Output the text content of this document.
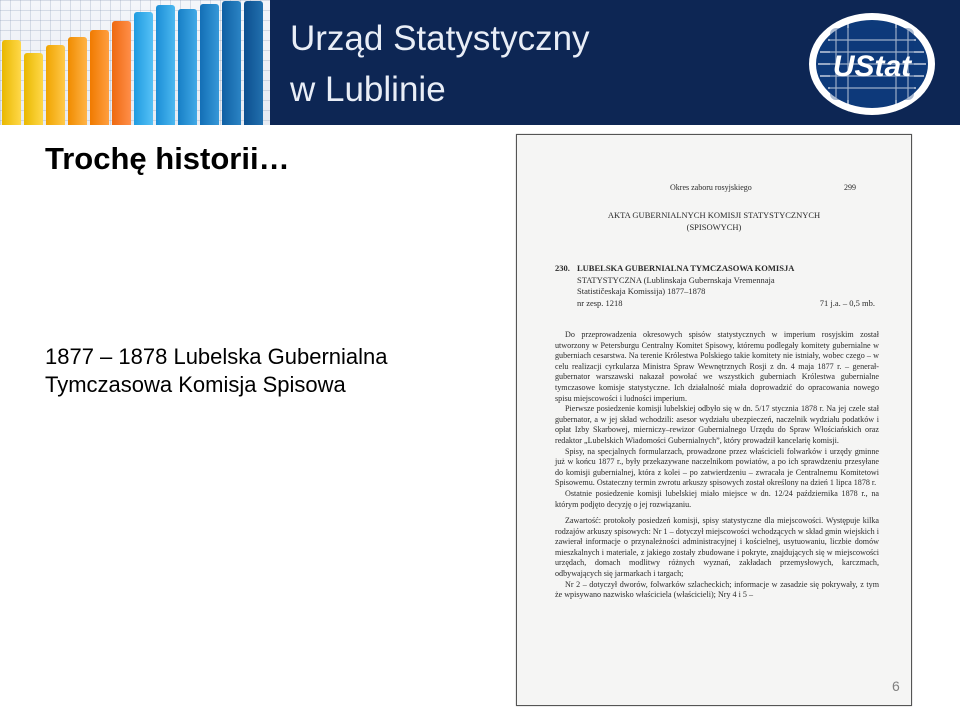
Urząd Statystyczny
w Lublinie
UStat
Trochę historii…
1877 – 1878 Lubelska Gubernialna
Tymczasowa Komisja Spisowa
Okres zaboru rosyjskiego	299
AKTA GUBERNIALNYCH KOMISJI STATYSTYCZNYCH
(SPISOWYCH)
230. LUBELSKA GUBERNIALNA TYMCZASOWA KOMISJA
STATYSTYCZNA (Lublinskaja Gubernskaja Vremennaja
Statističeskaja Komissija) 1877–1878
nr zesp. 1218	71 j.a. – 0,5 mb.

Do przeprowadzenia okresowych spisów statystycznych w imperium rosyjskim został utworzony w Petersburgu Centralny Komitet Spisowy, któremu podlegały komitety gubernialne w guberniach cesarstwa. Na terenie Królestwa Polskiego takie komitety nie istniały, wobec czego – w celu realizacji cyrkularza Ministra Spraw Wewnętrznych Rosji z dn. 4 maja 1877 r. – generał-gubernator warszawski nakazał powołać we wszystkich guberniach Królestwa gubernialne tymczasowe komisje statystyczne. Ich działalność miała doprowadzić do opracowania nowego spisu miejscowości i ludności imperium.

Pierwsze posiedzenie komisji lubelskiej odbyło się w dn. 5/17 stycznia 1878 r. Na jej czele stał gubernator, a w jej skład wchodzili: asesor wydziału ubezpieczeń, naczelnik wydziału podatków i opłat Izby Skarbowej, mierniczy–rewizor Gubernialnego Urzędu do Spraw Włościańskich oraz redaktor „Lubelskich Wiadomości Gubernialnych”, który prowadził kancelarię komisji.

Spisy, na specjalnych formularzach, prowadzone przez właścicieli folwarków i urzędy gminne już w końcu 1877 r., były przekazywane naczelnikom powiatów, a po ich sprawdzeniu przesyłane do komisji gubernialnej, która z kolei – po zatwierdzeniu – zwracała je Centralnemu Komitetowi Spisowemu. Ostateczny termin zwrotu arkuszy spisowych został określony na dzień 1 lipca 1878 r.

Ostatnie posiedzenie komisji lubelskiej miało miejsce w dn. 12/24 października 1878 r., na którym podjęto decyzję o jej rozwiązaniu.

Zawartość: protokoły posiedzeń komisji, spisy statystyczne dla miejscowości. Występuje kilka rodzajów arkuszy spisowych: Nr 1 – dotyczył miejscowości wchodzących w skład gmin wiejskich i zawierał informacje o przynależności administracyjnej i kościelnej, usytuowaniu, liczbie domów mieszkalnych i materiale, z jakiego zostały zbudowane i pokryte, znajdujących się w miejscowości urzędach, domach modlitwy różnych wyznań, zakładach przemysłowych, karczmach, odbywających się jarmarkach i targach;

Nr 2 – dotyczył dworów, folwarków szlacheckich; informacje w zasadzie się pokrywały, z tym że wpisywano nazwisko właściciela (właścicieli); Nry 4 i 5 –

6
